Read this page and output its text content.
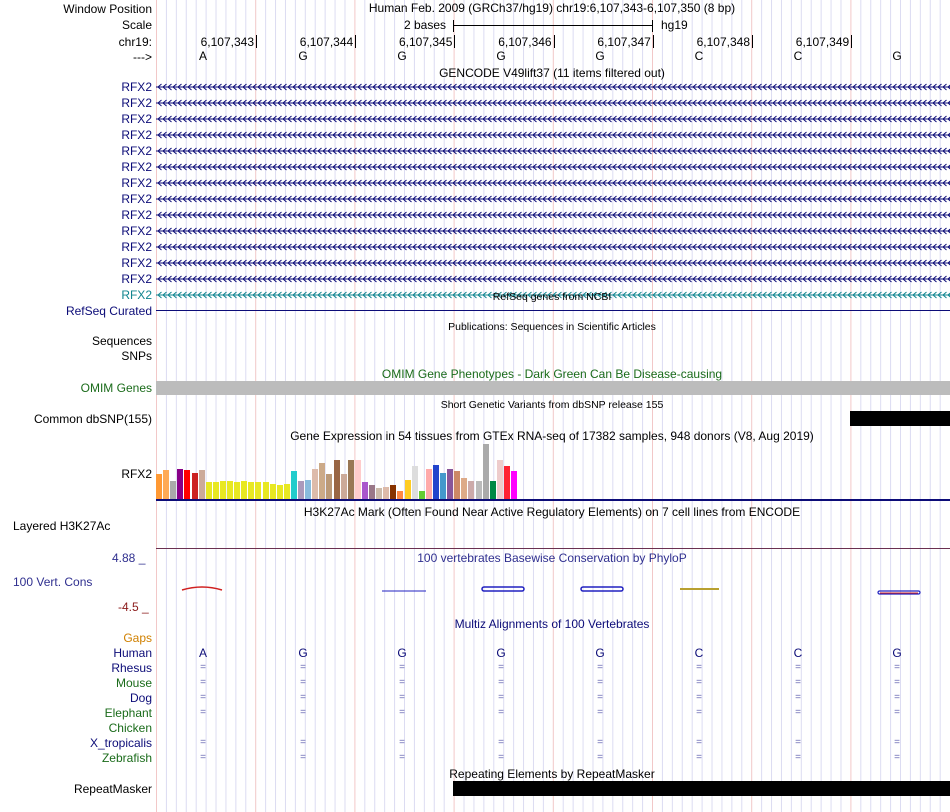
Window Position
Scale
chr19:
--->
Human Feb. 2009 (GRCh37/hg19) chr19:6,107,343-6,107,350 (8 bp)
2 bases	hg19
6,107,343	6,107,344	6,107,345	6,107,346	6,107,347	6,107,348	6,107,349
A	G	G	G	G	C	C	G
GENCODE V49lift37 (11 items filtered out)
RFX2
RFX2
RFX2
RFX2
RFX2
RFX2
RFX2
RFX2
RFX2
RFX2
RFX2
RFX2
RFX2
RFX2	RefSeq genes from NCBI
RefSeq Curated
Publications: Sequences in Scientific Articles
Sequences
SNPs
OMIM Gene Phenotypes - Dark Green Can Be Disease-causing
OMIM Genes
Short Genetic Variants from dbSNP release 155
Common dbSNP(155)
Gene Expression in 54 tissues from GTEx RNA-seq of 17382 samples, 948 donors (V8, Aug 2019)
RFX2
H3K27Ac Mark (Often Found Near Active Regulatory Elements) on 7 cell lines from ENCODE
Layered H3K27Ac
100 vertebrates Basewise Conservation by PhyloP
4.88 _
100 Vert. Cons
-4.5 _
Multiz Alignments of 100 Vertebrates
Gaps
Human	A	G	G	G	G	C	C	G
Rhesus	=	=	=	=	=	=	=	=
Mouse	=	=	=	=	=	=	=	=
Dog	=	=	=	=	=	=	=	=
Elephant	=	=	=	=	=	=	=	=
Chicken
X_tropicalis	=	=	=	=	=	=	=	=
Zebrafish	=	=	=	=	=	=	=	=
Repeating Elements by RepeatMasker
RepeatMasker
